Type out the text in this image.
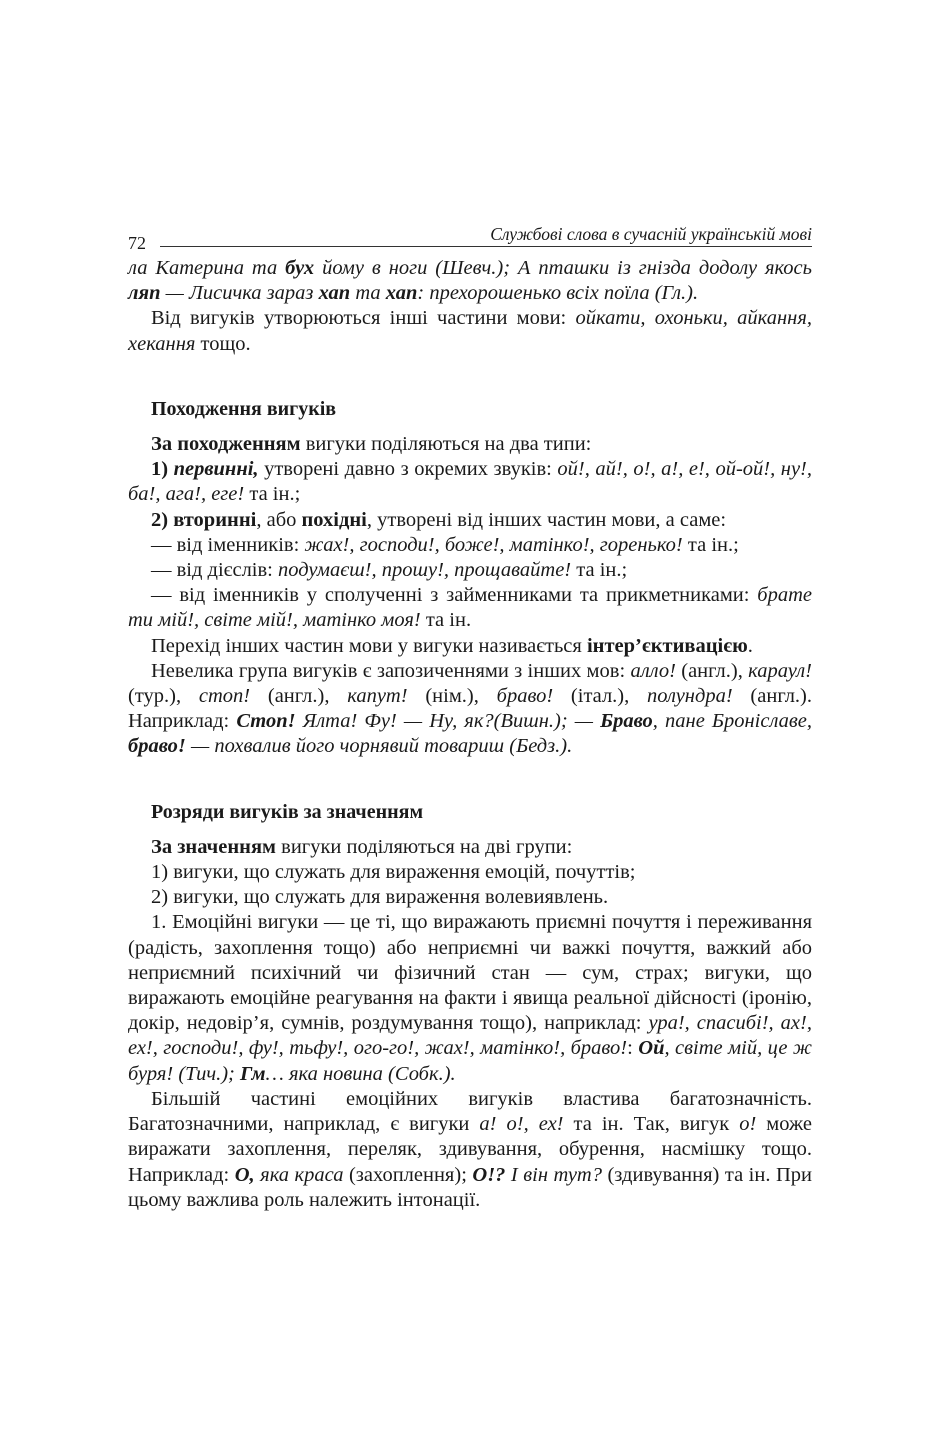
72	Службові слова в сучасній українській мові

ла Катерина та бух йому в ноги (Шевч.); А пташки із гнізда додолу якось ляп — Лисичка зараз хап та хап: прехорошенько всіх поїла (Гл.).

Від вигуків утворюються інші частини мови: ойкати, охоньки, айкання, хекання тощо.

Походження вигуків

За походженням вигуки поділяються на два типи:

1) первинні, утворені давно з окремих звуків: ой!, ай!, о!, а!, е!, ой-ой!, ну!, ба!, ага!, еге! та ін.;

2) вторинні, або похідні, утворені від інших частин мови, а саме:

— від іменників: жах!, господи!, боже!, матінко!, горенько! та ін.;

— від дієслів: подумаєш!, прошу!, прощавайте! та ін.;

— від іменників у сполученні з займенниками та прикметниками: брате ти мій!, світе мій!, матінко моя! та ін.

Перехід інших частин мови у вигуки називається інтер’єктивацією.

Невелика група вигуків є запозиченнями з інших мов: алло! (англ.), караул! (тур.), стоп! (англ.), капут! (нім.), браво! (італ.), полундра! (англ.). Наприклад: Стоп! Ялта! Фу! — Ну, як?(Вишн.); — Браво, пане Броніславе, браво! — похвалив його чорнявий товариш (Бедз.).

Розряди вигуків за значенням

За значенням вигуки поділяються на дві групи:

1) вигуки, що служать для вираження емоцій, почуттів;

2) вигуки, що служать для вираження волевиявлень.

1. Емоційні вигуки — це ті, що виражають приємні почуття і переживання (радість, захоплення тощо) або неприємні чи важкі почуття, важкий або неприємний психічний чи фізичний стан — сум, страх; вигуки, що виражають емоційне реагування на факти і явища реальної дійсності (іронію, докір, недовір’я, сумнів, роздумування тощо), наприклад: ура!, спасибі!, ах!, ех!, господи!, фу!, тьфу!, ого-го!, жах!, матінко!, браво!: Ой, світе мій, це ж буря! (Тич.); Гм… яка новина (Собк.).

Більшій частині емоційних вигуків властива багатозначність. Багатозначними, наприклад, є вигуки а! о!, ех! та ін. Так, вигук о! може виражати захоплення, переляк, здивування, обурення, насмішку тощо. Наприклад: О, яка краса (захоплення); О!? І він тут? (здивування) та ін. При цьому важлива роль належить інтонації.
